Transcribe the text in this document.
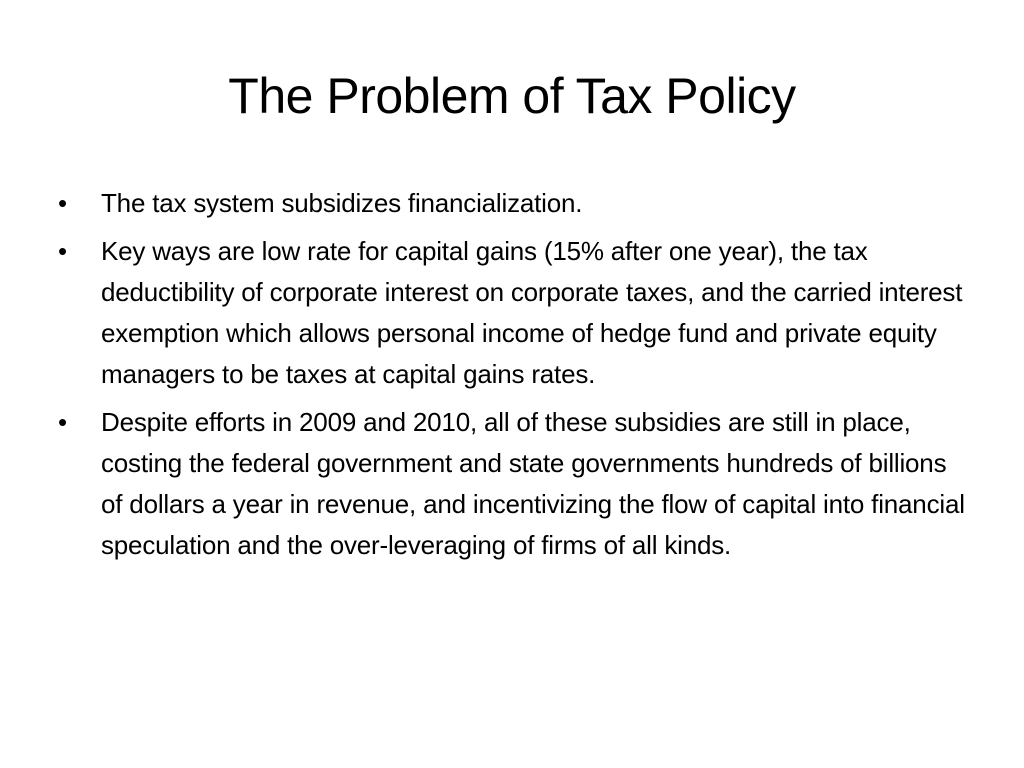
The Problem of Tax Policy
•	The tax system subsidizes financialization.
•	Key ways are low rate for capital gains (15% after one year), the tax deductibility of corporate interest on corporate taxes, and the carried interest exemption which allows personal income of hedge fund and private equity managers to be taxes at capital gains rates.
•	Despite efforts in 2009 and 2010, all of these subsidies are still in place, costing the federal government and state governments hundreds of billions of dollars a year in revenue, and incentivizing the flow of capital into financial speculation and the over-leveraging of firms of all kinds.
